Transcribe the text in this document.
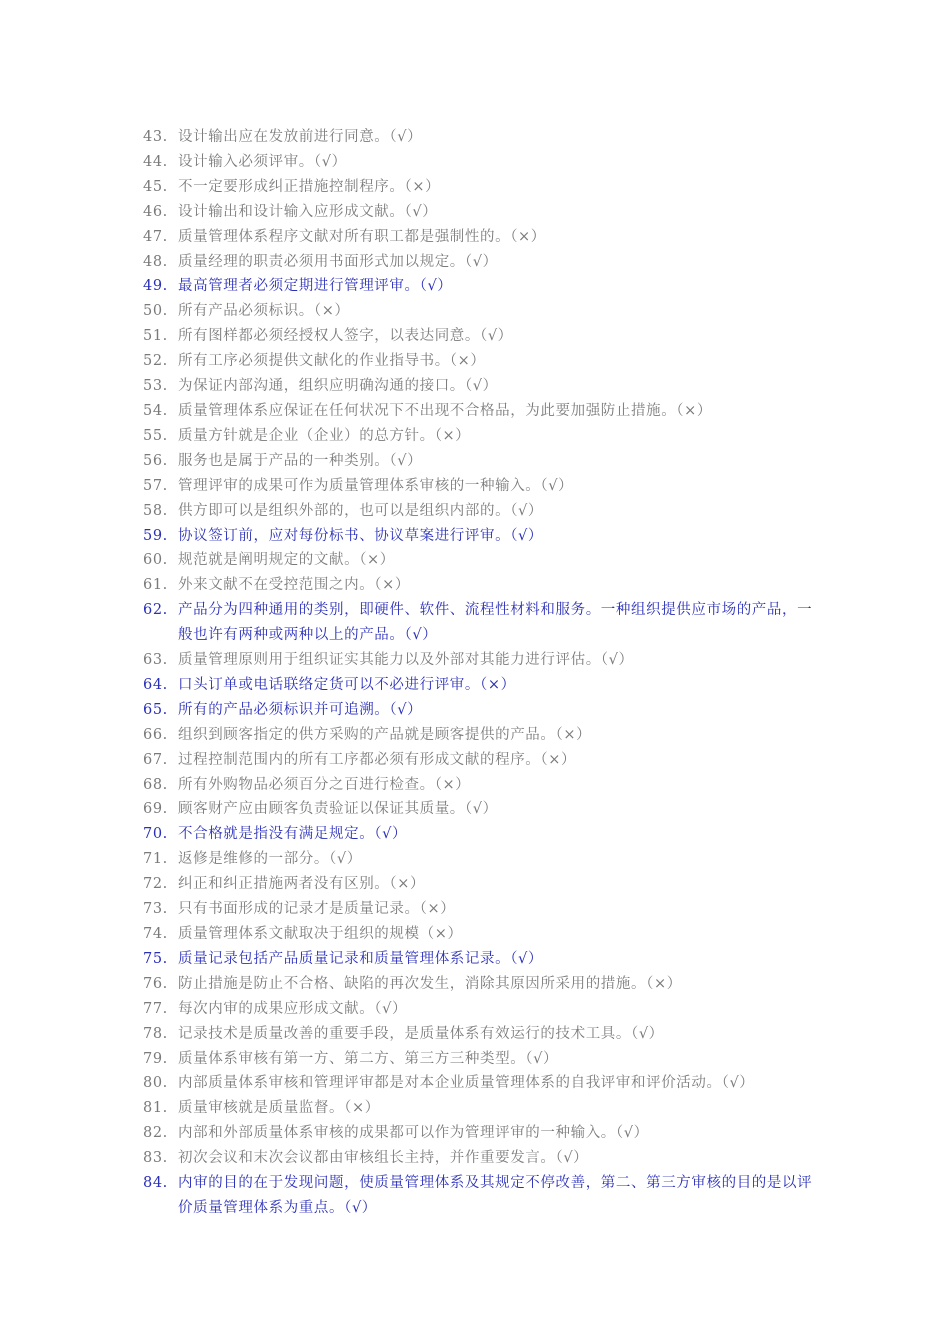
43. 设计输出应在发放前进行同意。（√）
44. 设计输入必须评审。（√）
45. 不一定要形成纠正措施控制程序。（×）
46. 设计输出和设计输入应形成文献。（√）
47. 质量管理体系程序文献对所有职工都是强制性的。（×）
48. 质量经理的职责必须用书面形式加以规定。（√）
49. 最高管理者必须定期进行管理评审。（√）
50. 所有产品必须标识。（×）
51. 所有图样都必须经授权人签字，以表达同意。（√）
52. 所有工序必须提供文献化的作业指导书。（×）
53. 为保证内部沟通，组织应明确沟通的接口。（√）
54. 质量管理体系应保证在任何状况下不出现不合格品，为此要加强防止措施。（×）
55. 质量方针就是企业（企业）的总方针。（×）
56. 服务也是属于产品的一种类别。（√）
57. 管理评审的成果可作为质量管理体系审核的一种输入。（√）
58. 供方即可以是组织外部的，也可以是组织内部的。（√）
59. 协议签订前，应对每份标书、协议草案进行评审。（√）
60. 规范就是阐明规定的文献。（×）
61. 外来文献不在受控范围之内。（×）
62. 产品分为四种通用的类别，即硬件、软件、流程性材料和服务。一种组织提供应市场的产品，一般也许有两种或两种以上的产品。（√）
63. 质量管理原则用于组织证实其能力以及外部对其能力进行评估。（√）
64. 口头订单或电话联络定货可以不必进行评审。（×）
65. 所有的产品必须标识并可追溯。（√）
66. 组织到顾客指定的供方采购的产品就是顾客提供的产品。（×）
67. 过程控制范围内的所有工序都必须有形成文献的程序。（×）
68. 所有外购物品必须百分之百进行检查。（×）
69. 顾客财产应由顾客负责验证以保证其质量。（√）
70. 不合格就是指没有满足规定。（√）
71. 返修是维修的一部分。（√）
72. 纠正和纠正措施两者没有区别。（×）
73. 只有书面形成的记录才是质量记录。（×）
74. 质量管理体系文献取决于组织的规模（×）
75. 质量记录包括产品质量记录和质量管理体系记录。（√）
76. 防止措施是防止不合格、缺陷的再次发生，消除其原因所采用的措施。（×）
77. 每次内审的成果应形成文献。（√）
78. 记录技术是质量改善的重要手段，是质量体系有效运行的技术工具。（√）
79. 质量体系审核有第一方、第二方、第三方三种类型。（√）
80. 内部质量体系审核和管理评审都是对本企业质量管理体系的自我评审和评价活动。（√）
81. 质量审核就是质量监督。（×）
82. 内部和外部质量体系审核的成果都可以作为管理评审的一种输入。（√）
83. 初次会议和末次会议都由审核组长主持，并作重要发言。（√）
84. 内审的目的在于发现问题，使质量管理体系及其规定不停改善，第二、第三方审核的目的是以评价质量管理体系为重点。（√）
